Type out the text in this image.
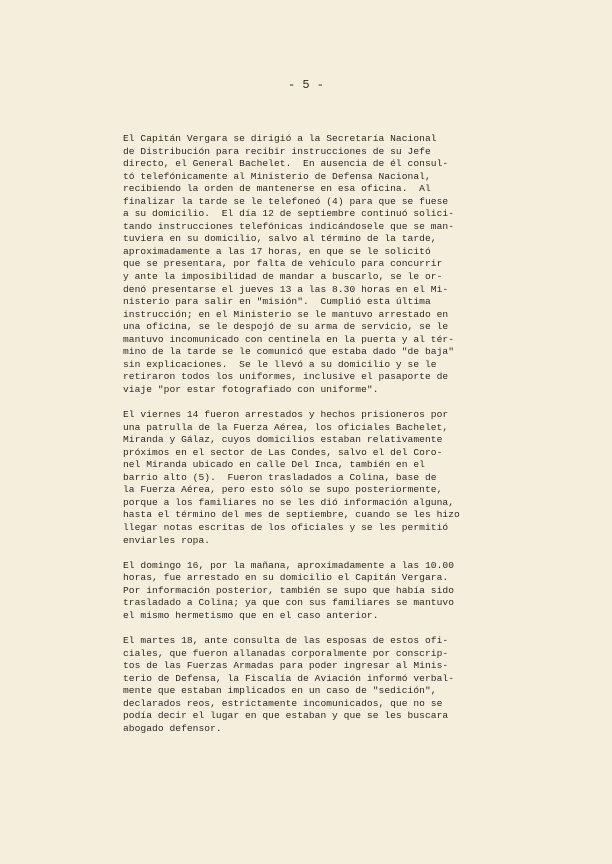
- 5 -
El Capitán Vergara se dirigió a la Secretaría Nacional
de Distribución para recibir instrucciones de su Jefe
directo, el General Bachelet.  En ausencia de él consul-
tó telefónicamente al Ministerio de Defensa Nacional,
recibiendo la orden de mantenerse en esa oficina.  Al
finalizar la tarde se le telefoneó (4) para que se fuese
a su domicilio.  El día 12 de septiembre continuó solici-
tando instrucciones telefónicas indicándosele que se man-
tuviera en su domicilio, salvo al término de la tarde,
aproximadamente a las 17 horas, en que se le solicitó
que se presentara, por falta de vehículo para concurrir
y ante la imposibilidad de mandar a buscarlo, se le or-
denó presentarse el jueves 13 a las 8.30 horas en el Mi-
nisterio para salir en "misión".  Cumplió esta última
instrucción; en el Ministerio se le mantuvo arrestado en
una oficina, se le despojó de su arma de servicio, se le
mantuvo incomunicado con centinela en la puerta y al tér-
mino de la tarde se le comunicó que estaba dado "de baja"
sin explicaciones.  Se le llevó a su domicilio y se le
retiraron todos los uniformes, inclusive el pasaporte de
viaje "por estar fotografiado con uniforme".
El viernes 14 fueron arrestados y hechos prisioneros por
una patrulla de la Fuerza Aérea, los oficiales Bachelet,
Miranda y Gálaz, cuyos domicilios estaban relativamente
próximos en el sector de Las Condes, salvo el del Coro-
nel Miranda ubicado en calle Del Inca, también en el
barrio alto (5).  Fueron trasladados a Colina, base de
la Fuerza Aérea, pero esto sólo se supo posteriormente,
porque a los familiares no se les dió información alguna,
hasta el término del mes de septiembre, cuando se les hizo
llegar notas escritas de los oficiales y se les permitió
enviarles ropa.
El domingo 16, por la mañana, aproximadamente a las 10.00
horas, fue arrestado en su domicilio el Capitán Vergara.
Por información posterior, también se supo que había sido
trasladado a Colina; ya que con sus familiares se mantuvo
el mismo hermetismo que en el caso anterior.
El martes 18, ante consulta de las esposas de estos ofi-
ciales, que fueron allanadas corporalmente por conscrip-
tos de las Fuerzas Armadas para poder ingresar al Minis-
terio de Defensa, la Fiscalía de Aviación informó verbal-
mente que estaban implicados en un caso de "sedición",
declarados reos, estrictamente incomunicados, que no se
podía decir el lugar en que estaban y que se les buscara
abogado defensor.
